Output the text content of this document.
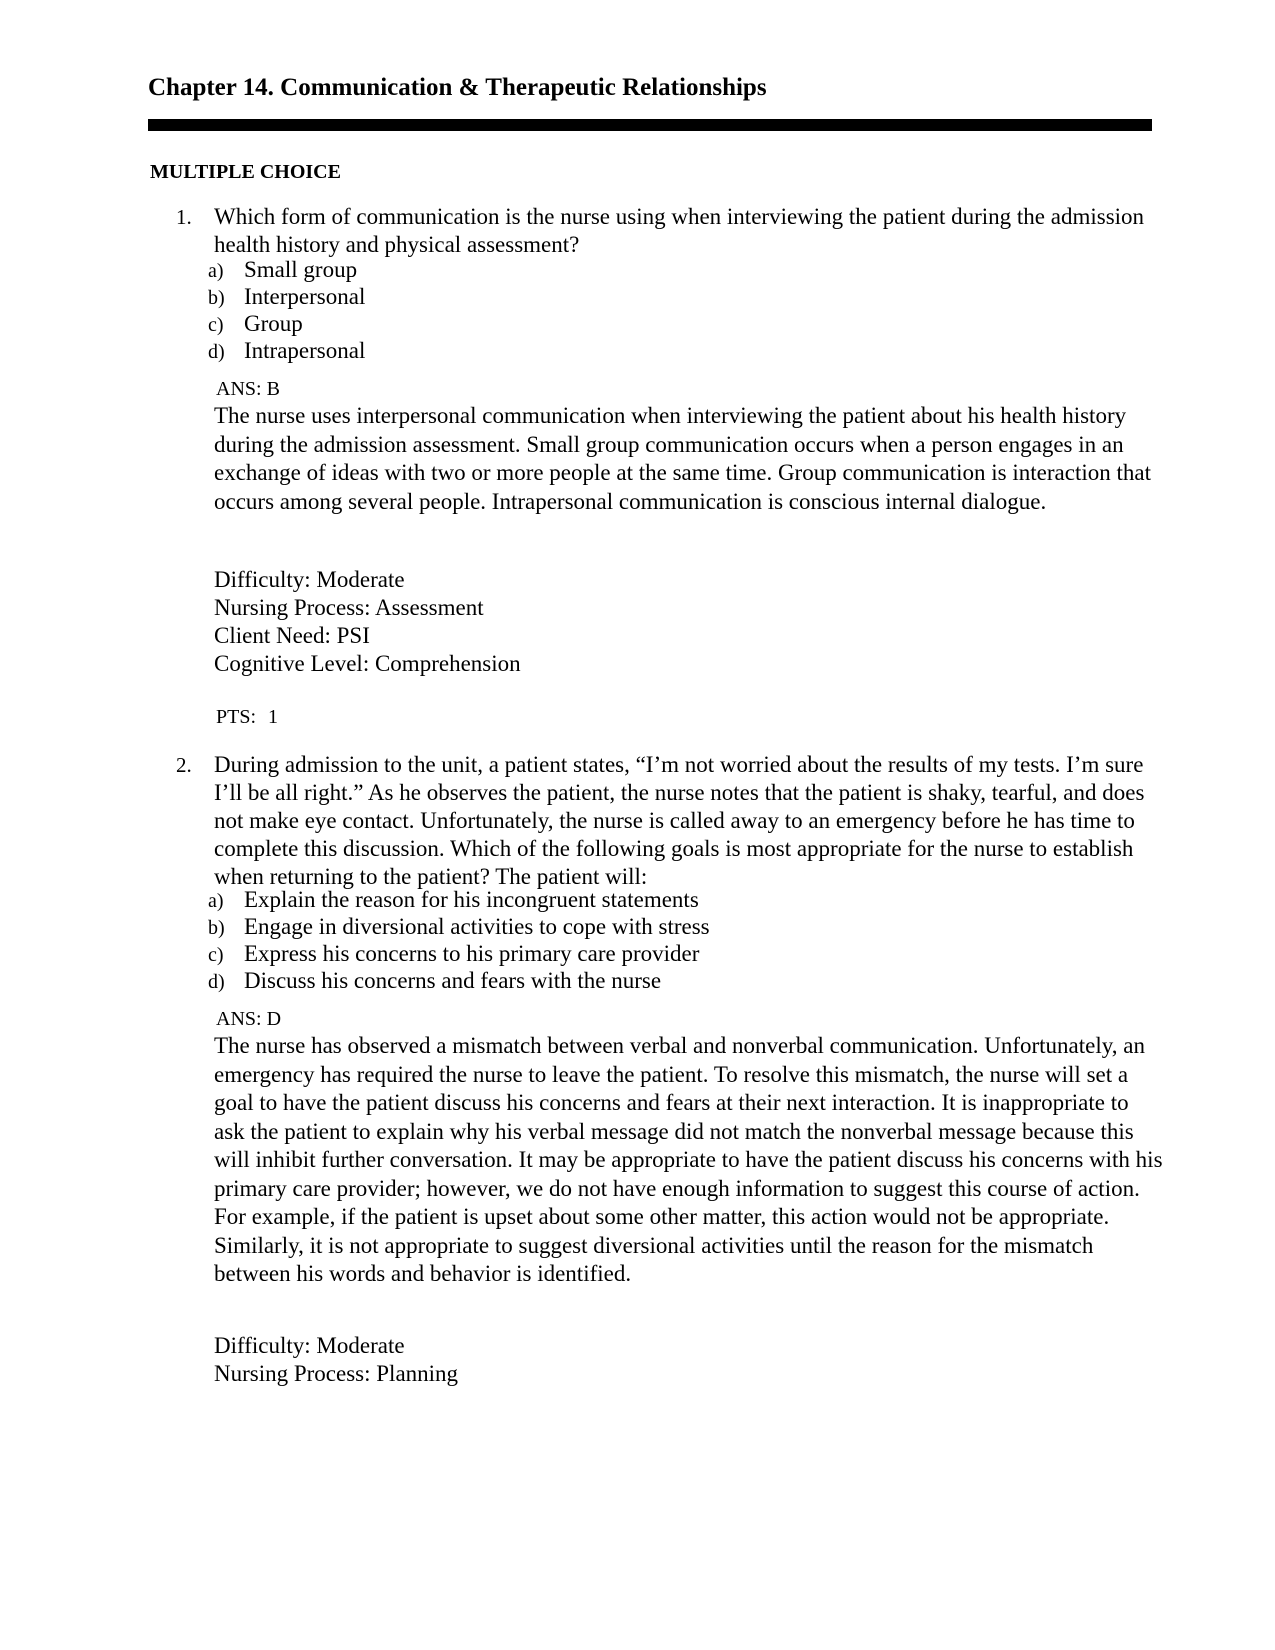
Chapter 14. Communication & Therapeutic Relationships
MULTIPLE CHOICE
1. Which form of communication is the nurse using when interviewing the patient during the admission health history and physical assessment?

a) Small group
b) Interpersonal
c) Group
d) Intrapersonal
ANS: B

The nurse uses interpersonal communication when interviewing the patient about his health history during the admission assessment. Small group communication occurs when a person engages in an exchange of ideas with two or more people at the same time. Group communication is interaction that occurs among several people. Intrapersonal communication is conscious internal dialogue.

Difficulty: Moderate
Nursing Process: Assessment
Client Need: PSI
Cognitive Level: Comprehension
PTS: 1
2. During admission to the unit, a patient states, “I’m not worried about the results of my tests. I’m sure I’ll be all right.” As he observes the patient, the nurse notes that the patient is shaky, tearful, and does not make eye contact. Unfortunately, the nurse is called away to an emergency before he has time to complete this discussion. Which of the following goals is most appropriate for the nurse to establish when returning to the patient? The patient will:

a) Explain the reason for his incongruent statements
b) Engage in diversional activities to cope with stress
c) Express his concerns to his primary care provider
d) Discuss his concerns and fears with the nurse
ANS: D

The nurse has observed a mismatch between verbal and nonverbal communication. Unfortunately, an emergency has required the nurse to leave the patient. To resolve this mismatch, the nurse will set a goal to have the patient discuss his concerns and fears at their next interaction. It is inappropriate to ask the patient to explain why his verbal message did not match the nonverbal message because this will inhibit further conversation. It may be appropriate to have the patient discuss his concerns with his primary care provider; however, we do not have enough information to suggest this course of action. For example, if the patient is upset about some other matter, this action would not be appropriate. Similarly, it is not appropriate to suggest diversional activities until the reason for the mismatch between his words and behavior is identified.

Difficulty: Moderate
Nursing Process: Planning
